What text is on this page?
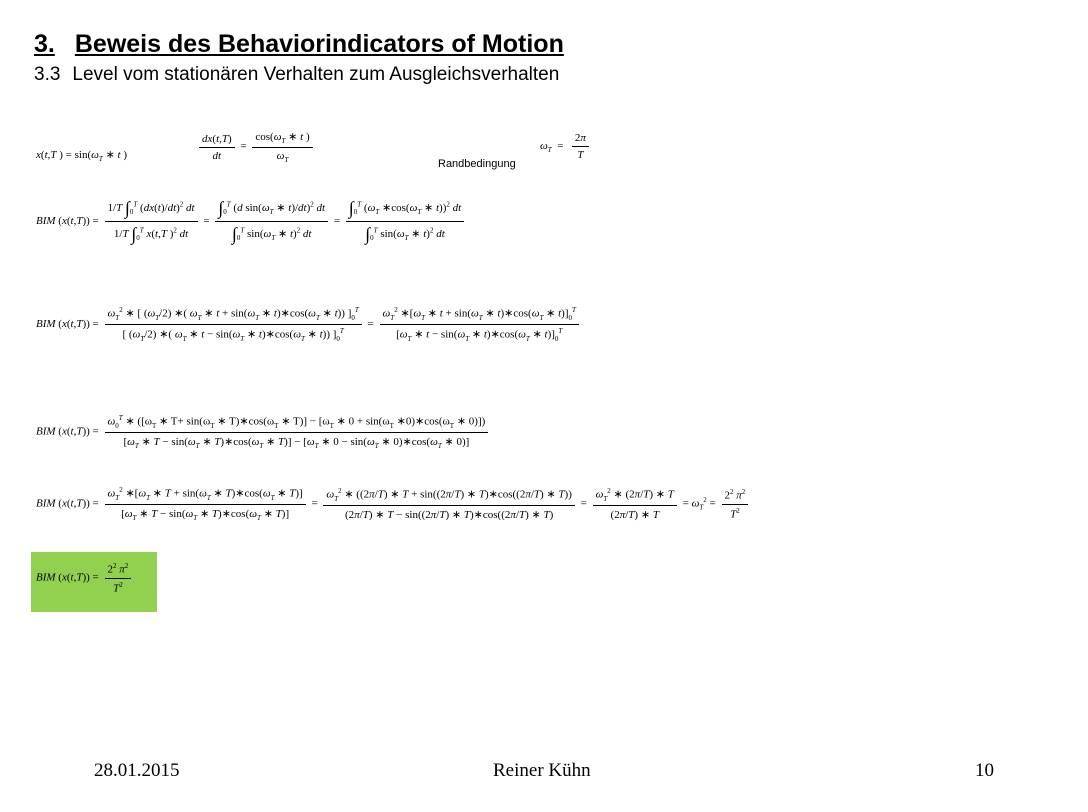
3. Beweis des Behaviorindicators of Motion
3.3 Level vom stationären Verhalten zum Ausgleichsverhalten
x(t,T ) = $\sin(\omega_T$ ∗ t )	$\frac{dx(t,T)}{dt} = \frac{\cos(\omega_T ∗ t )}{\omega_T}$	Randbedingung
$\omega_T = \frac{2\pi}{T}$
BIM $(x(t,T)) = \frac{1/T \int_0^T (dx(t)/dt)^2 dt}{1/T \int_0^T x(t,T )^2 dt} = \frac{\int_0^T (d \sin(\omega_T ∗ t)/dt)^2 dt}{\int_0^T \sin(\omega_T ∗ t)^2 dt} = \frac{\int_0^T (\omega_T ∗\cos(\omega_T ∗ t))^2 dt}{\int_0^T \sin(\omega_T ∗ t)^2 dt}$
BIM $(x(t,T)) = \frac{\omega_T^2 ∗ [ (\omega_T/2) ∗( \omega_T ∗ t + \sin(\omega_T ∗ t)∗\cos(\omega_T ∗ t)) ]_0^T}{[ (\omega_T/2) ∗( \omega_T ∗ t - \sin(\omega_T ∗ t)∗\cos(\omega_T ∗ t)) ]_0^T} = \frac{\omega_T^2 ∗[\omega_T ∗ t + \sin(\omega_T ∗ t)∗\cos(\omega_T ∗ t)]_0^T}{[\omega_T ∗ t - \sin(\omega_T ∗ t)∗\cos(\omega_T ∗ t)]_0^T}$
BIM (x(t,T)) =
$\omega_0^T$ ∗ ([$\omega_T$ ∗ $T+ \sin(\omega_T$ ∗ $T)∗\cos(\omega_T$ ∗ $T)] - [\omega_T$ ∗ $0 + \sin(\omega_T$ $∗0)∗\cos(\omega_T$ ∗ 0)])
[$\omega_T$ ∗ $T - \sin(\omega_T$ ∗ $T)∗\cos(\omega_T$ ∗ $T)] - [\omega_T$ ∗ $0 - \sin(\omega_T$ ∗ $0)∗\cos(\omega_T$ ∗ 0)]
BIM $(x(t,T)) = \frac{\omega_T^2 ∗[\omega_T ∗ T + \sin(\omega_T ∗ T)∗\cos(\omega_T ∗ T)]}{[\omega_T ∗ T - \sin(\omega_T ∗ T)∗\cos(\omega_T ∗ T)]} = \frac{\omega_T^2 ∗ ((2\pi/T) ∗ T + \sin((2\pi/T) ∗ T)∗\cos((2\pi/T) ∗ T))}{(2\pi/T) ∗ T - \sin((2\pi/T) ∗ T)∗\cos((2\pi/T) ∗ T)} = \frac{\omega_T^2 ∗ (2\pi/T) ∗ T}{(2\pi/T) ∗ T} = \omega_T^2 = \frac{2^2 \pi^2}{T^2}$
BIM $(x(t,T)) = \frac{2^2 \pi^2}{T^2}$
28.01.2015	Reiner Kühn	10
